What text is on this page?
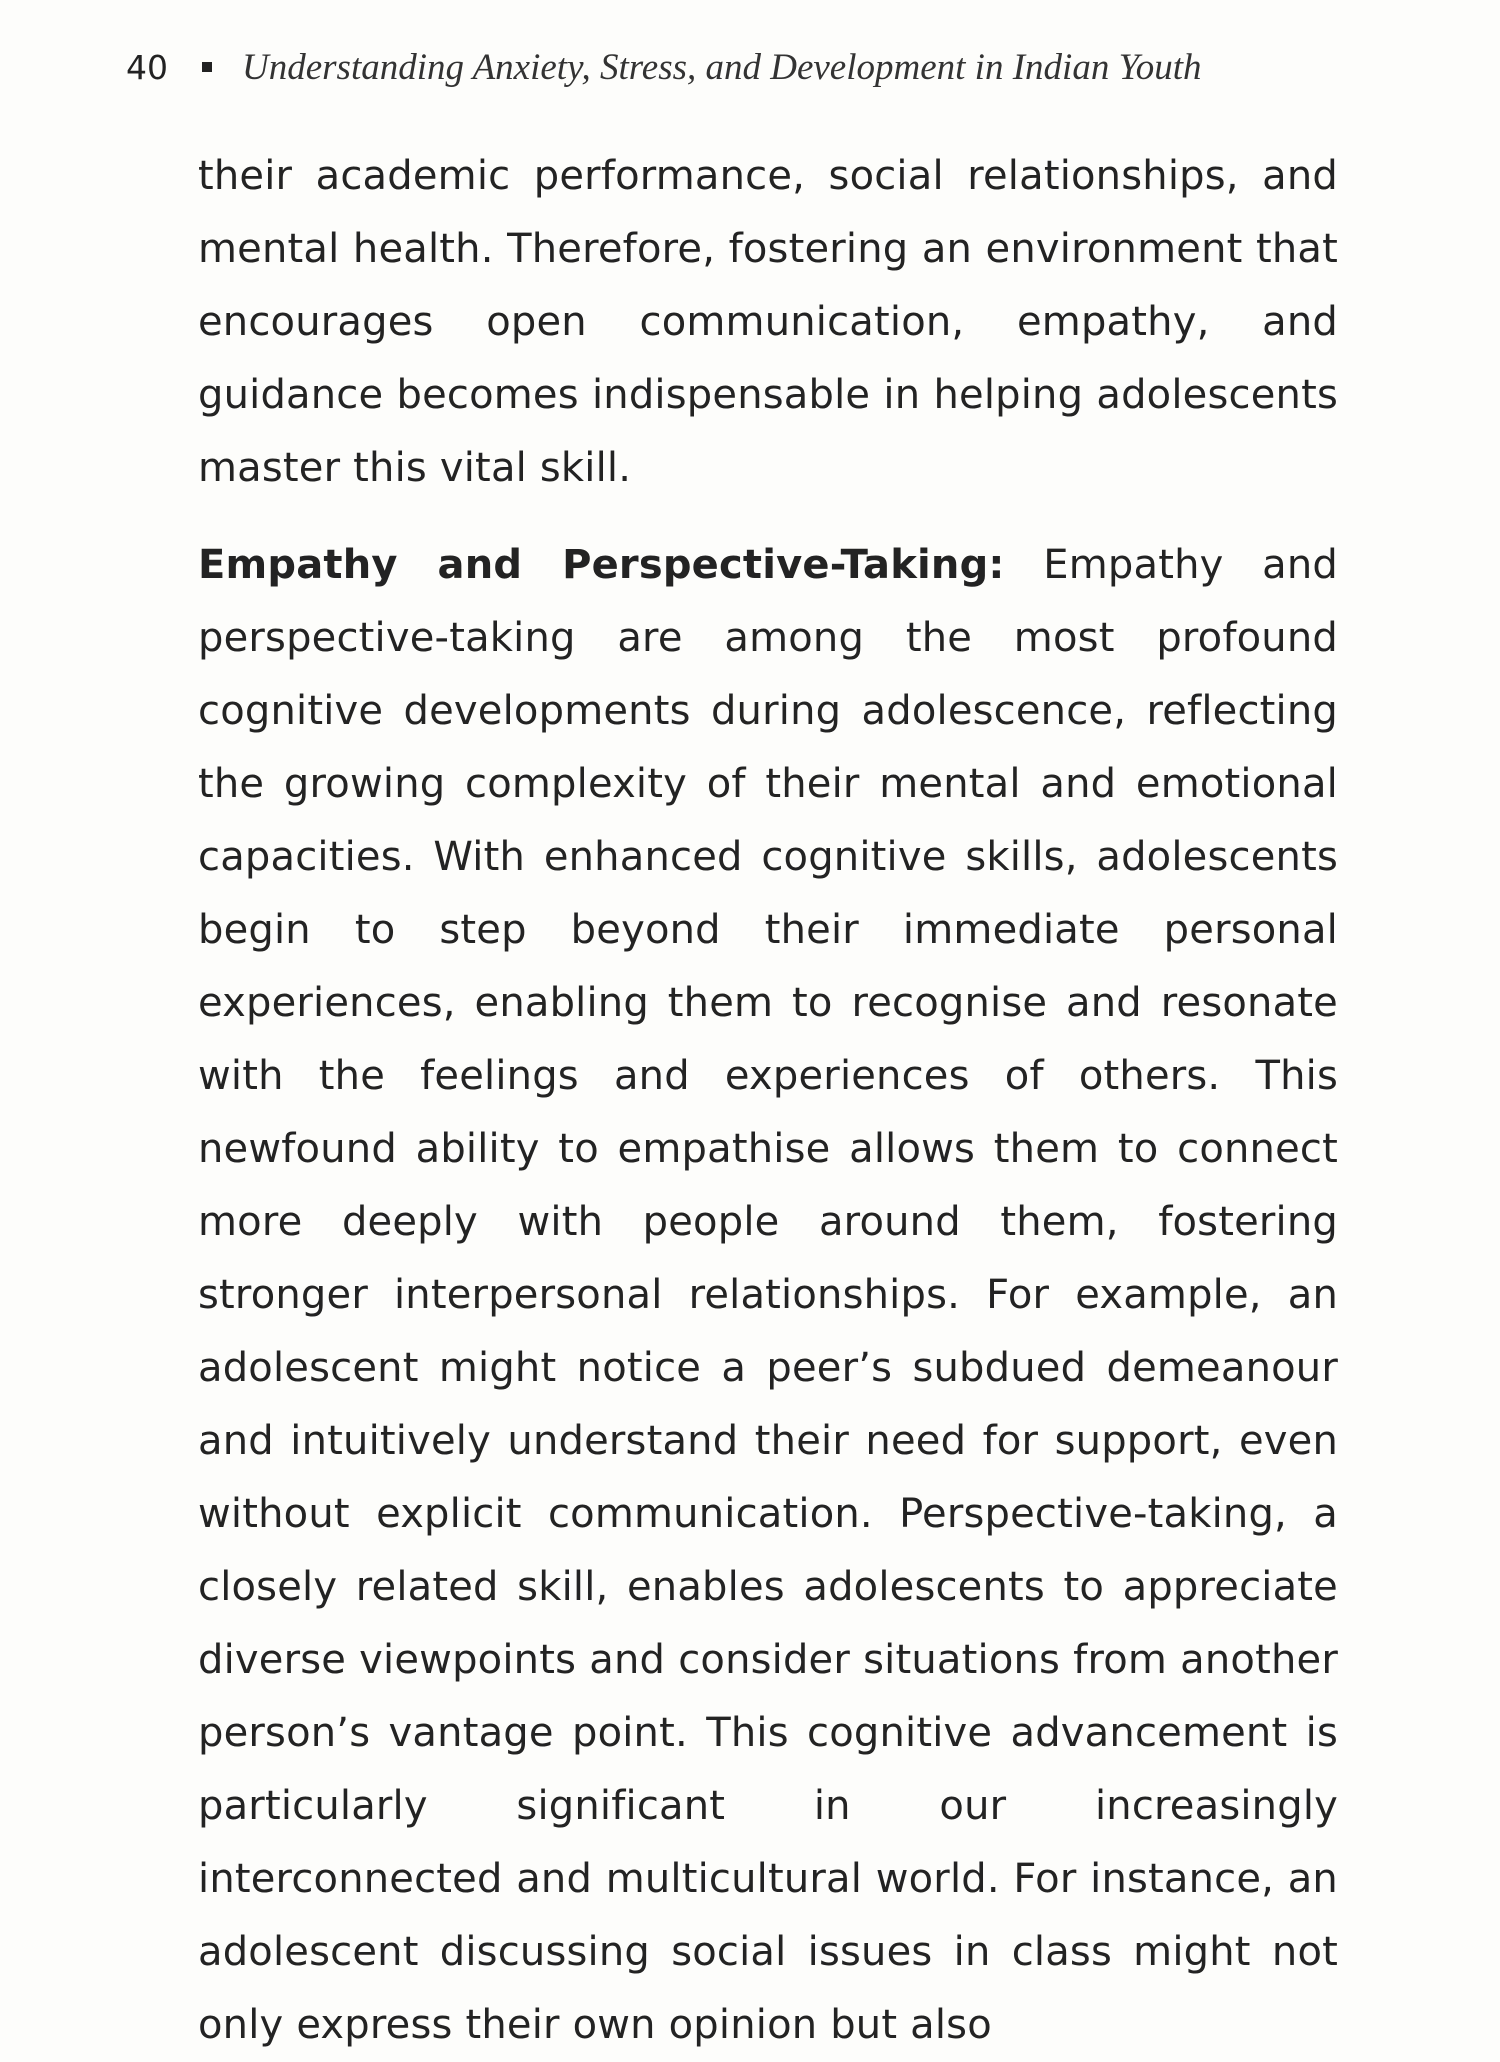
40 Understanding Anxiety, Stress, and Development in Indian Youth

their academic performance, social relationships, and mental health. Therefore, fostering an environment that encourages open communication, empathy, and guidance becomes indispensable in helping adolescents master this vital skill.

Empathy and Perspective-Taking: Empathy and perspective-taking are among the most profound cognitive developments during adolescence, reflecting the growing complexity of their mental and emotional capacities. With enhanced cognitive skills, adolescents begin to step beyond their immediate personal experiences, enabling them to recognise and resonate with the feelings and experiences of others. This newfound ability to empathise allows them to connect more deeply with people around them, fostering stronger interpersonal relationships. For example, an adolescent might notice a peer’s subdued demeanour and intuitively understand their need for support, even without explicit communication. Perspective-taking, a closely related skill, enables adolescents to appreciate diverse viewpoints and consider situations from another person’s vantage point. This cognitive advancement is particularly significant in our increasingly interconnected and multicultural world. For instance, an adolescent discussing social issues in class might not only express their own opinion but also
